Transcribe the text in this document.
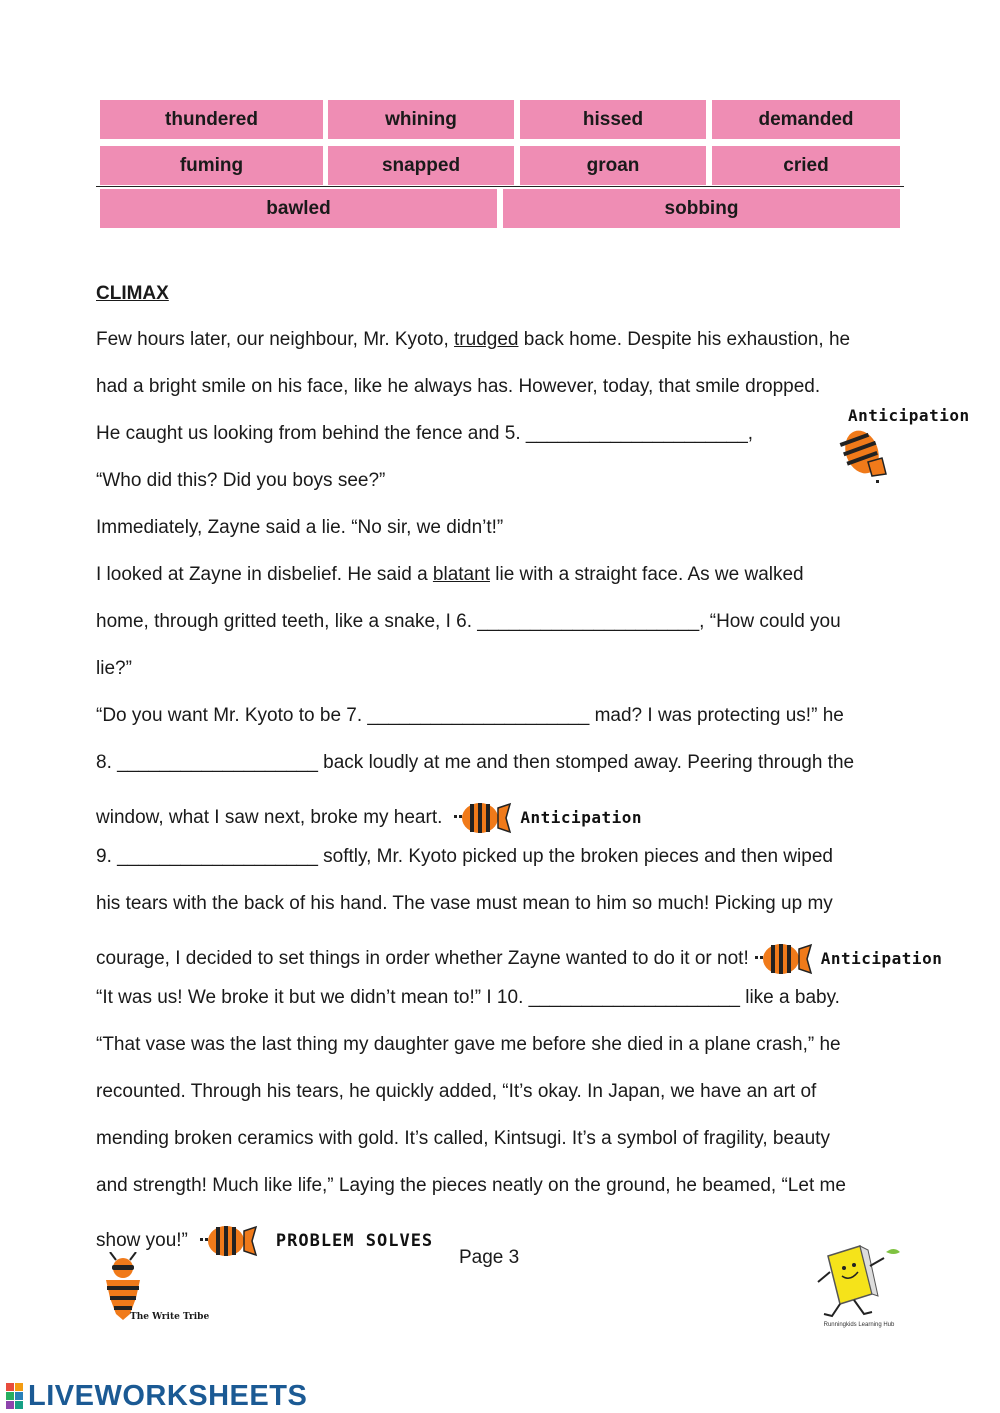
thundered	whining	hissed	demanded
fuming	snapped	groan	cried
bawled	sobbing
CLIMAX

Few hours later, our neighbour, Mr. Kyoto, trudged back home. Despite his exhaustion, he

had a bright smile on his face, like he always has. However, today, that smile dropped.

He caught us looking from behind the fence and 5. _____________________,

“Who did this? Did you boys see?”

Immediately, Zayne said a lie. “No sir, we didn’t!”

I looked at Zayne in disbelief. He said a blatant lie with a straight face. As we walked

home, through gritted teeth, like a snake, I 6. _____________________, “How could you

lie?”

“Do you want Mr. Kyoto to be 7. _____________________ mad? I was protecting us!” he

8. ___________________ back loudly at me and then stomped away. Peering through the

window, what I saw next, broke my heart.	Anticipation

9. ___________________ softly, Mr. Kyoto picked up the broken pieces and then wiped

his tears with the back of his hand. The vase must mean to him so much! Picking up my

courage, I decided to set things in order whether Zayne wanted to do it or not!	Anticipation

“It was us! We broke it but we didn’t mean to!” I 10. ____________________ like a baby.

“That vase was the last thing my daughter gave me before she died in a plane crash,” he

recounted. Through his tears, he quickly added, “It’s okay. In Japan, we have an art of

mending broken ceramics with gold. It’s called, Kintsugi. It’s a symbol of fragility, beauty

and strength! Much like life,” Laying the pieces neatly on the ground, he beamed, “Let me

show you!”	PROBLEM SOLVES

Anticipation
Page 3
The Write Tribe
Runningkids Learning Hub
LIVEWORKSHEETS
